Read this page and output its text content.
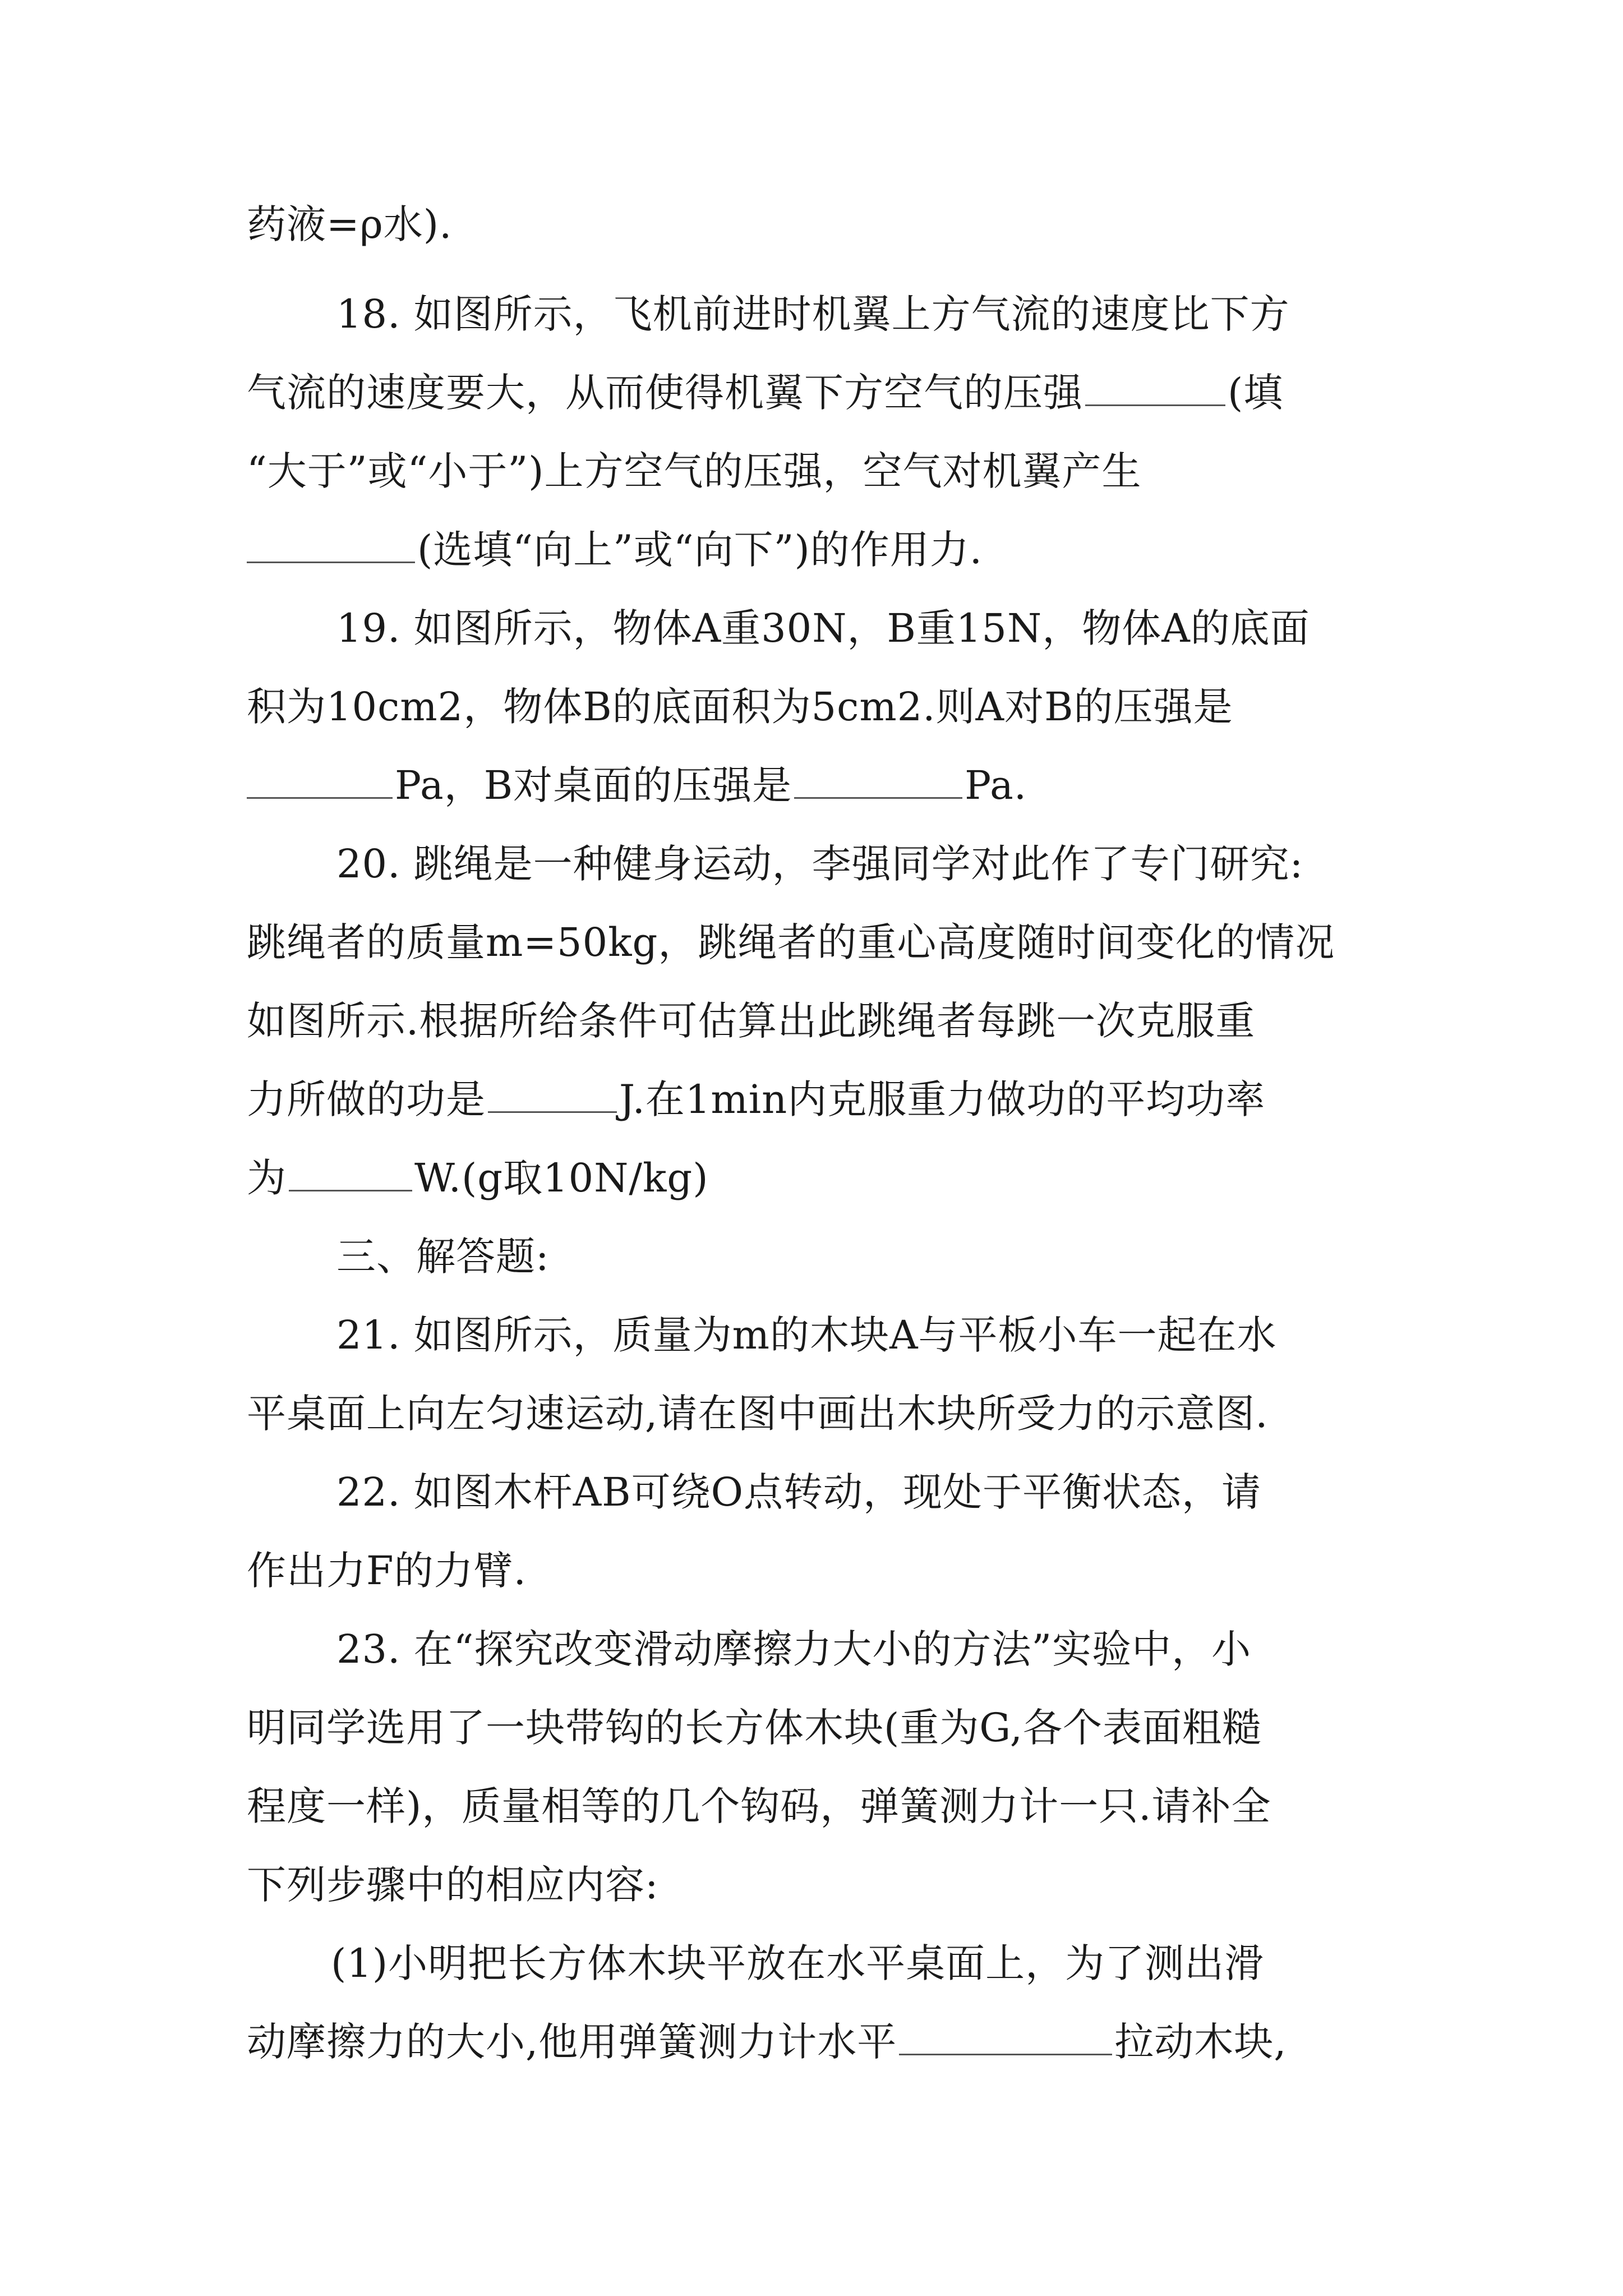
药液=ρ水).
18. 如图所示，飞机前进时机翼上方气流的速度比下方
气流的速度要大，从而使得机翼下方空气的压强	(填
“大于”或“小于”)上方空气的压强，空气对机翼产生
(选填“向上”或“向下”)的作用力.
19. 如图所示，物体A重30N，B重15N，物体A的底面
积为10cm2，物体B的底面积为5cm2.则A对B的压强是
Pa，B对桌面的压强是	Pa.
20. 跳绳是一种健身运动，李强同学对此作了专门研究:
跳绳者的质量m=50kg，跳绳者的重心高度随时间变化的情况
如图所示.根据所给条件可估算出此跳绳者每跳一次克服重
力所做的功是	J.在1min内克服重力做功的平均功率
为	W.(g取10N/kg)
三、解答题:
21. 如图所示，质量为m的木块A与平板小车一起在水
平桌面上向左匀速运动,请在图中画出木块所受力的示意图.
22. 如图木杆AB可绕O点转动，现处于平衡状态，请
作出力F的力臂.
23. 在“探究改变滑动摩擦力大小的方法”实验中，小
明同学选用了一块带钩的长方体木块(重为G,各个表面粗糙
程度一样)，质量相等的几个钩码，弹簧测力计一只.请补全
下列步骤中的相应内容:
(1)小明把长方体木块平放在水平桌面上，为了测出滑
动摩擦力的大小,他用弹簧测力计水平	拉动木块,
